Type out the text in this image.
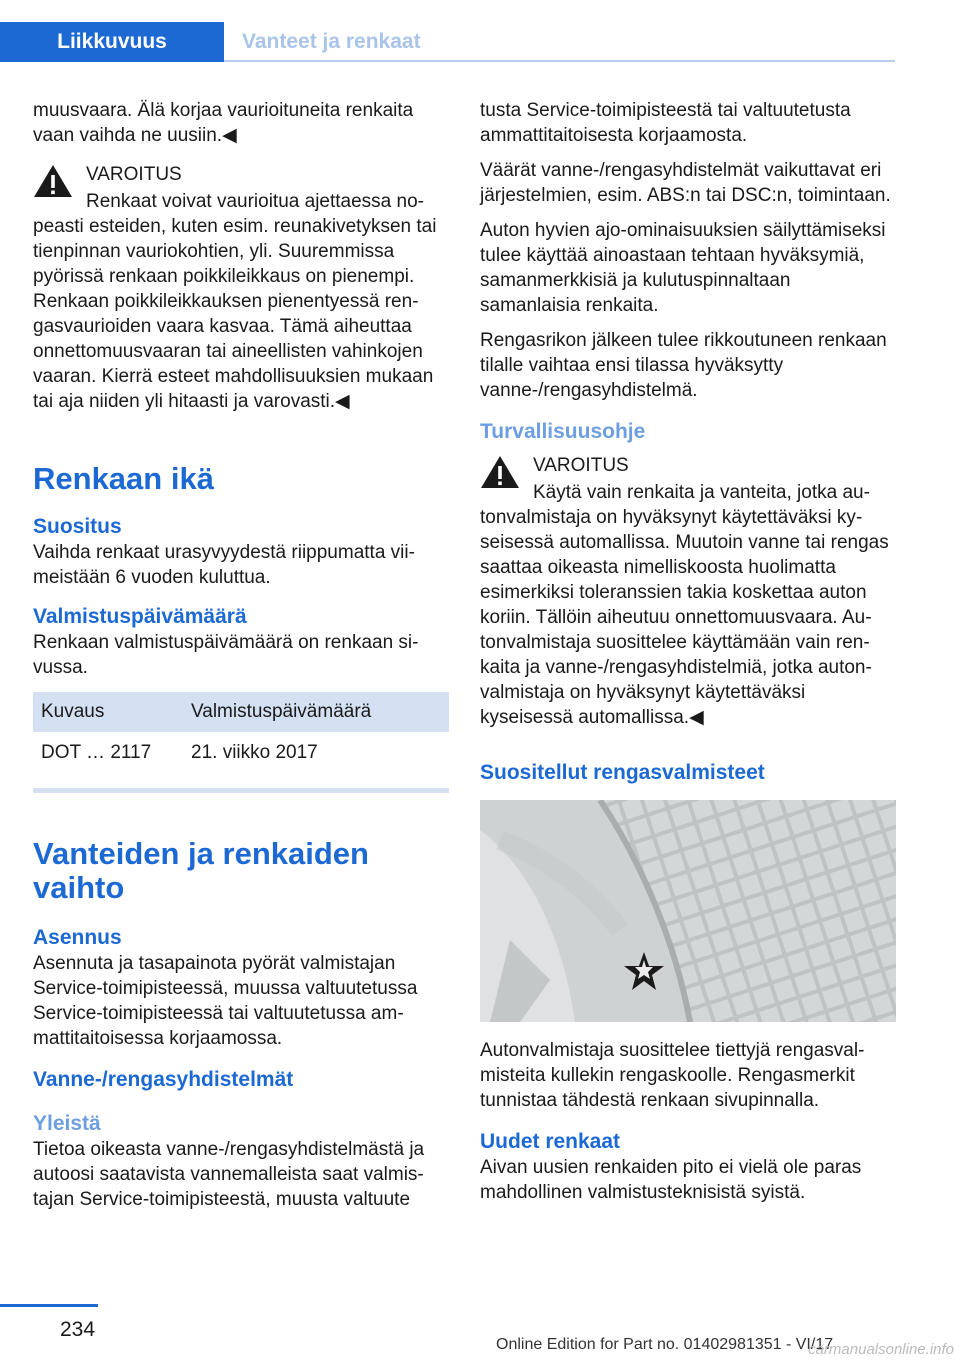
Liikkuvuus	Vanteet ja renkaat

muusvaara. Älä korjaa vaurioituneita renkaita vaan vaihda ne uusiin.◀

VAROITUS

Renkaat voivat vaurioitua ajettaessa no-

peasti esteiden, kuten esim. reunakivetyksen tai tienpinnan vauriokohtien, yli. Suuremmissa pyörissä renkaan poikkileikkaus on pienempi. Renkaan poikkileikkauksen pienentyessä rengasvaurioiden vaara kasvaa. Tämä aiheuttaa onnettomuusvaaran tai aineellisten vahinkojen vaaran. Kierrä esteet mahdollisuuksien mukaan tai aja niiden yli hitaasti ja varovasti.◀

Renkaan ikä
Suositus

Vaihda renkaat urasyvyydestä riippumatta viimeistään 6 vuoden kuluttua.

Valmistuspäivämäärä

Renkaan valmistuspäivämäärä on renkaan sivussa.

Kuvaus	Valmistuspäivämäärä
DOT … 2117	21. viikko 2017
Vanteiden ja renkaiden vaihto
Asennus

Asennuta ja tasapainota pyörät valmistajan Service-toimipisteessä, muussa valtuutetussa Service-toimipisteessä tai valtuutetussa ammattitaitoisessa korjaamossa.

Vanne-/rengasyhdistelmät
Yleistä

Tietoa oikeasta vanne-/rengasyhdistelmästä ja autoosi saatavista vannemalleista saat valmistajan Service-toimipisteestä, muusta valtuute

tusta Service-toimipisteestä tai valtuutetusta ammattitaitoisesta korjaamosta.

Väärät vanne-/rengasyhdistelmät vaikuttavat eri järjestelmien, esim. ABS:n tai DSC:n, toimintaan.

Auton hyvien ajo-ominaisuuksien säilyttämiseksi tulee käyttää ainoastaan tehtaan hyväksymiä, samanmerkkisiä ja kulutuspinnaltaan samanlaisia renkaita.

Rengasrikon jälkeen tulee rikkoutuneen renkaan tilalle vaihtaa ensi tilassa hyväksytty vanne-/rengasyhdistelmä.

Turvallisuusohje

VAROITUS

Käytä vain renkaita ja vanteita, jotka au-

tonvalmistaja on hyväksynyt käytettäväksi kyseisessä automallissa. Muutoin vanne tai rengas saattaa oikeasta nimelliskoosta huolimatta esimerkiksi toleranssien takia koskettaa auton koriin. Tällöin aiheutuu onnettomuusvaara. Autonvalmistaja suosittelee käyttämään vain renkaita ja vanne-/rengasyhdistelmiä, jotka autonvalmistaja on hyväksynyt käytettäväksi kyseisessä automallissa.◀

Suositellut rengasvalmisteet

Autonvalmistaja suosittelee tiettyjä rengasvalmisteita kullekin rengaskoolle. Rengasmerkit tunnistaa tähdestä renkaan sivupinnalla.

Uudet renkaat

Aivan uusien renkaiden pito ei vielä ole paras mahdollinen valmistusteknisistä syistä.

234
Online Edition for Part no. 01402981351 - VI/17
carmanualsonline.info
